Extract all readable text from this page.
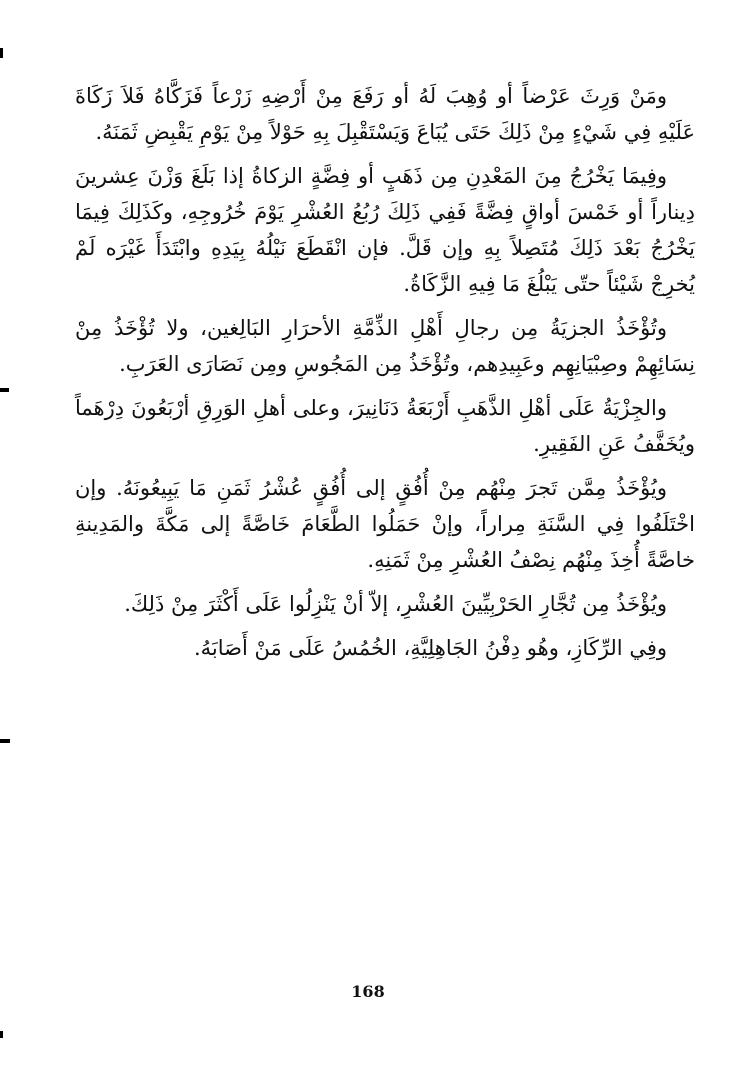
ومَنْ وَرِثَ عَرْضاً أو وُهِبَ لَهُ أو رَفَعَ مِنْ أَرْضِهِ زَرْعاً فَزَكَّاهُ فَلاَ زَكَاةَ عَلَيْهِ فِي شَيْءٍ مِنْ ذَلِكَ حَتَى يُبَاعَ وَيَسْتَقْبِلَ بِهِ حَوْلاً مِنْ يَوْمِ يَقْبِضِ ثَمَنَهُ.

وفِيمَا يَخْرُجُ مِنَ المَعْدِنِ مِن ذَهَبٍ أو فِضَّةٍ الزكاةُ إذا بَلَغَ وَزْنَ عِشرينَ دِيناراً أو خَمْسَ أواقٍ فِضَّةً فَفِي ذَلِكَ رُبُعُ العُشْرِ يَوْمَ خُرُوجِهِ، وكَذَلِكَ فِيمَا يَخْرُجُ بَعْدَ ذَلِكَ مُتَصِلاً بِهِ وإن قَلَّ. فإن انْقَطَعَ نَيْلُهُ بِيَدِهِ وابْتَدَأَ غَيْرَه لَمْ يُخرِجْ شَيْئاً حتّى يَبْلُغَ مَا فِيهِ الزَّكَاةُ.

وتُؤْخَذُ الجزيَةُ مِن رجالِ أَهْلِ الذِّمَّةِ الأحرَارِ البَالِغين، ولا تُؤْخَذُ مِنْ نِسَائِهِمْ وصِبْيَانِهِم وعَبِيدِهم، وتُؤْخَذُ مِن المَجُوسِ ومِن نَصَارَى العَرَبِ.

والجِزْيَةُ عَلَى أهْلِ الذَّهَبِ أَرْبَعَةُ دَنَانِيرَ، وعلى أهلِ الوَرِقِ أرْبَعُونَ دِرْهَماً ويُخَفَّفُ عَنِ الفَقِيرِ.

ويُؤْخَذُ مِمَّن تَجرَ مِنْهُم مِنْ أُفُقٍ إلى أُفُقٍ عُشْرُ ثَمَنِ مَا يَبِيعُونَهُ. وإن اخْتَلَفُوا فِي السَّنَةِ مِراراً، وإنْ حَمَلُوا الطَّعَامَ خَاصَّةً إلى مَكَّةَ والمَدِينةِ خاصَّةً أُخِذَ مِنْهُم نِصْفُ العُشْرِ مِنْ ثَمَنِهِ.

ويُؤْخَذُ مِن تُجَّارِ الحَرْبِيِّينَ العُشْرِ، إلاّ أنْ يَنْزِلُوا عَلَى أَكْثَرَ مِنْ ذَلِكَ.

وفِي الرِّكَازِ، وهُو دِفْنُ الجَاهِلِيَّةِ، الخُمُسُ عَلَى مَنْ أَصَابَهُ.

168
